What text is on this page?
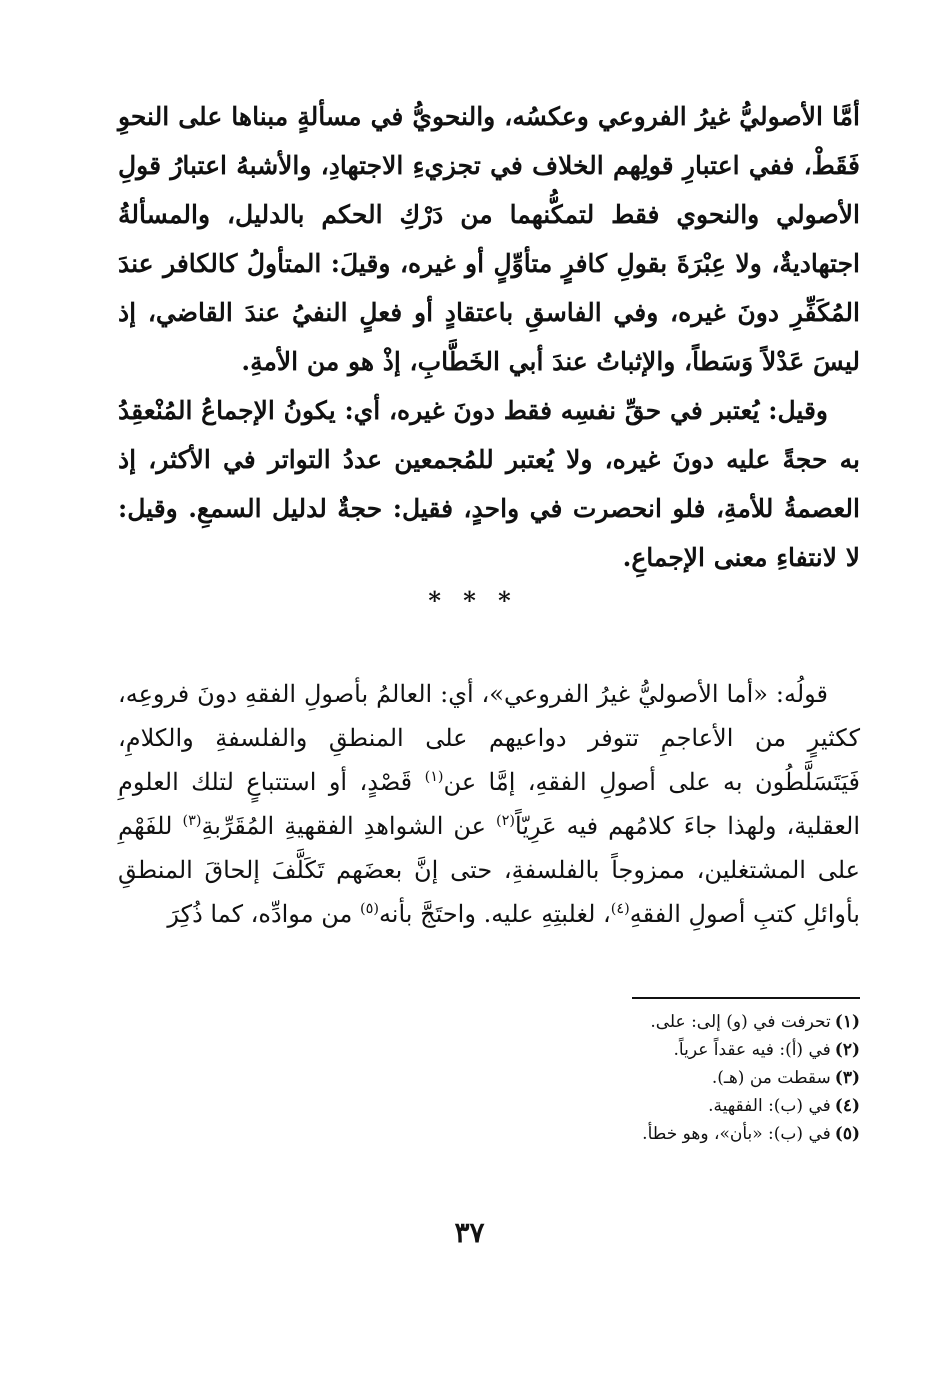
أمَّا الأصوليُّ غيرُ الفروعي وعكسُه، والنحويُّ في مسألةٍ مبناها على النحوِ فَقَطْ، ففي اعتبارِ قولِهم الخلاف في تجزيءِ الاجتهادِ، والأشبهُ اعتبارُ قولِ الأصولي والنحوي فقط لتمكُّنهما من دَرْكِ الحكم بالدليل، والمسألةُ اجتهاديةٌ، ولا عِبْرَةَ بقولِ كافرٍ متأوِّلٍ أو غيره، وقيلَ: المتأولُ كالكافر عندَ المُكَفِّرِ دونَ غيره، وفي الفاسقِ باعتقادٍ أو فعلٍ النفيُ عندَ القاضي، إذ ليسَ عَدْلاً وَسَطاً، والإثباتُ عندَ أبي الخَطَّابِ، إذْ هو من الأمةِ.

وقيل: يُعتبر في حقِّ نفسِه فقط دونَ غيره، أي: يكونُ الإجماعُ المُنْعقِدُ به حجةً عليه دونَ غيره، ولا يُعتبر للمُجمعين عددُ التواتر في الأكثر، إذ العصمةُ للأمةِ، فلو انحصرت في واحدٍ، فقيل: حجةٌ لدليل السمعِ. وقيل: لا لانتفاءِ معنى الإجماعِ.

* * *

قولُه: «أما الأصوليُّ غيرُ الفروعي»، أي: العالمُ بأصولِ الفقهِ دونَ فروعِه، ككثيرٍ من الأعاجمِ تتوفر دواعيهم على المنطقِ والفلسفةِ والكلامِ، فَيَتَسَلَّطُون به على أصولِ الفقهِ، إمَّا عن$^{(١)}$ قَصْدٍ، أو استتباعٍ لتلك العلومِ العقلية، ولهذا جاءَ كلامُهم فيه عَرِيّاً$^{(٢)}$ عن الشواهدِ الفقهيةِ المُقَرِّبةِ$^{(٣)}$ للفَهْمِ على المشتغلين، ممزوجاً بالفلسفةِ، حتى إنَّ بعضَهم تَكَلَّفَ إلحاقَ المنطقِ بأوائلِ كتبِ أصولِ الفقهِ$^{(٤)}$، لغلبتِهِ عليه. واحتَجَّ بأنه$^{(٥)}$ من موادِّه، كما ذُكِرَ

(١)تحرفت في (و) إلى: على.
(٢)في (أ): فيه عقداً عرياً.
(٣)سقطت من (هـ).
(٤)في (ب): الفقهية.
(٥)في (ب): «بأن»، وهو خطأ.
٣٧
